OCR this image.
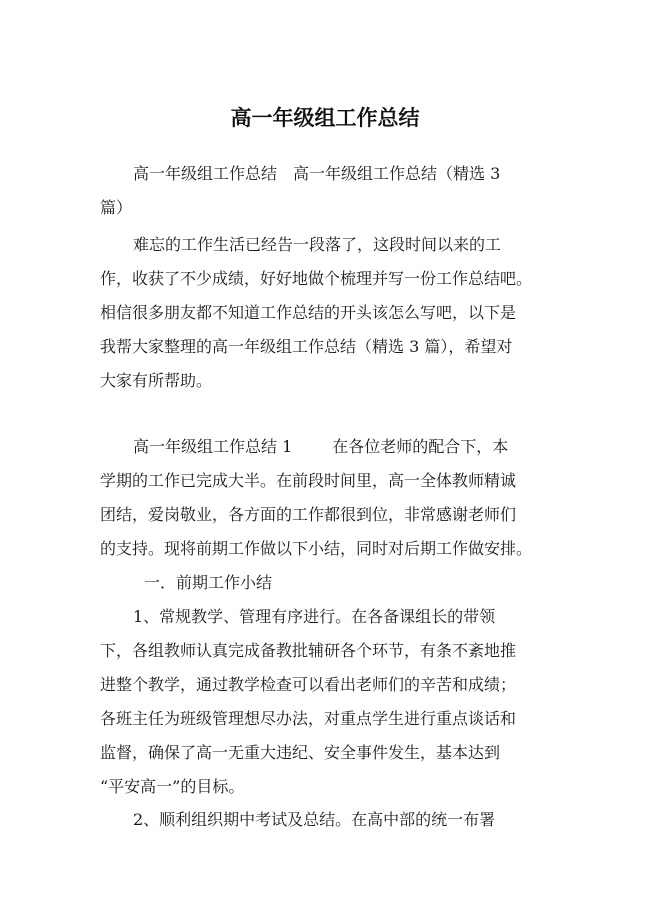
高一年级组工作总结
高一年级组工作总结　高一年级组工作总结（精选 3
篇）
难忘的工作生活已经告一段落了，这段时间以来的工
作，收获了不少成绩，好好地做个梳理并写一份工作总结吧。
相信很多朋友都不知道工作总结的开头该怎么写吧，以下是
我帮大家整理的高一年级组工作总结（精选 3 篇），希望对
大家有所帮助。
高一年级组工作总结 1	在各位老师的配合下，本
学期的工作已完成大半。在前段时间里，高一全体教师精诚
团结，爱岗敬业，各方面的工作都很到位，非常感谢老师们
的支持。现将前期工作做以下小结，同时对后期工作做安排。
一．前期工作小结
1、常规教学、管理有序进行。在各备课组长的带领
下，各组教师认真完成备教批辅研各个环节，有条不紊地推
进整个教学，通过教学检查可以看出老师们的辛苦和成绩；
各班主任为班级管理想尽办法，对重点学生进行重点谈话和
监督，确保了高一无重大违纪、安全事件发生，基本达到
“平安高一”的目标。
2、顺利组织期中考试及总结。在高中部的统一布署
